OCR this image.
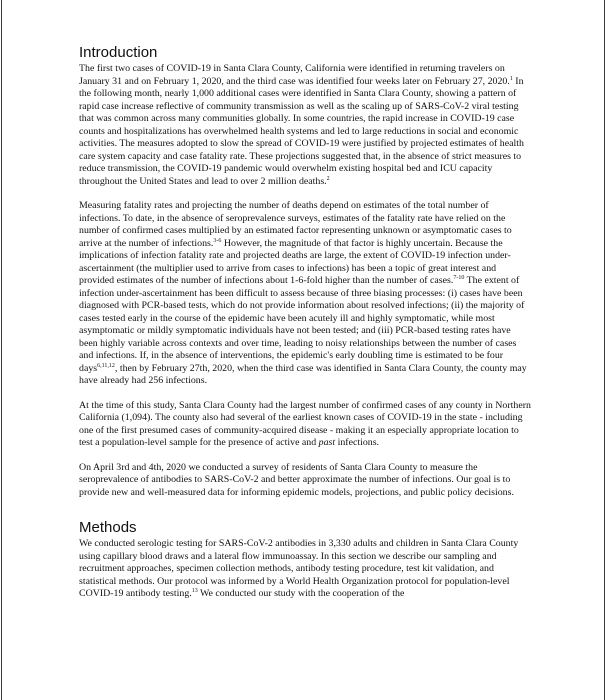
Introduction

The first two cases of COVID-19 in Santa Clara County, California were identified in returning travelers on January 31 and on February 1, 2020, and the third case was identified four weeks later on February 27, 2020.$^1$ In the following month, nearly 1,000 additional cases were identified in Santa Clara County, showing a pattern of rapid case increase reflective of community transmission as well as the scaling up of SARS-CoV-2 viral testing that was common across many communities globally. In some countries, the rapid increase in COVID-19 case counts and hospitalizations has overwhelmed health systems and led to large reductions in social and economic activities. The measures adopted to slow the spread of COVID-19 were justified by projected estimates of health care system capacity and case fatality rate. These projections suggested that, in the absence of strict measures to reduce transmission, the COVID-19 pandemic would overwhelm existing hospital bed and ICU capacity throughout the United States and lead to over 2 million deaths.$^2$

Measuring fatality rates and projecting the number of deaths depend on estimates of the total number of infections. To date, in the absence of seroprevalence surveys, estimates of the fatality rate have relied on the number of confirmed cases multiplied by an estimated factor representing unknown or asymptomatic cases to arrive at the number of infections.$^{3-6}$ However, the magnitude of that factor is highly uncertain. Because the implications of infection fatality rate and projected deaths are large, the extent of COVID-19 infection under-ascertainment (the multiplier used to arrive from cases to infections) has been a topic of great interest and provided estimates of the number of infections about 1-6-fold higher than the number of cases.$^{7-10}$ The extent of infection under-ascertainment has been difficult to assess because of three biasing processes: (i) cases have been diagnosed with PCR-based tests, which do not provide information about resolved infections; (ii) the majority of cases tested early in the course of the epidemic have been acutely ill and highly symptomatic, while most asymptomatic or mildly symptomatic individuals have not been tested; and (iii) PCR-based testing rates have been highly variable across contexts and over time, leading to noisy relationships between the number of cases and infections. If, in the absence of interventions, the epidemic's early doubling time is estimated to be four days$^{6,11,12}$, then by February 27th, 2020, when the third case was identified in Santa Clara County, the county may have already had 256 infections.

At the time of this study, Santa Clara County had the largest number of confirmed cases of any county in Northern California (1,094). The county also had several of the earliest known cases of COVID-19 in the state - including one of the first presumed cases of community-acquired disease - making it an especially appropriate location to test a population-level sample for the presence of active and past infections.

On April 3rd and 4th, 2020 we conducted a survey of residents of Santa Clara County to measure the seroprevalence of antibodies to SARS-CoV-2 and better approximate the number of infections. Our goal is to provide new and well-measured data for informing epidemic models, projections, and public policy decisions.

Methods

We conducted serologic testing for SARS-CoV-2 antibodies in 3,330 adults and children in Santa Clara County using capillary blood draws and a lateral flow immunoassay. In this section we describe our sampling and recruitment approaches, specimen collection methods, antibody testing procedure, test kit validation, and statistical methods. Our protocol was informed by a World Health Organization protocol for population-level COVID-19 antibody testing.$^{13}$ We conducted our study with the cooperation of the
